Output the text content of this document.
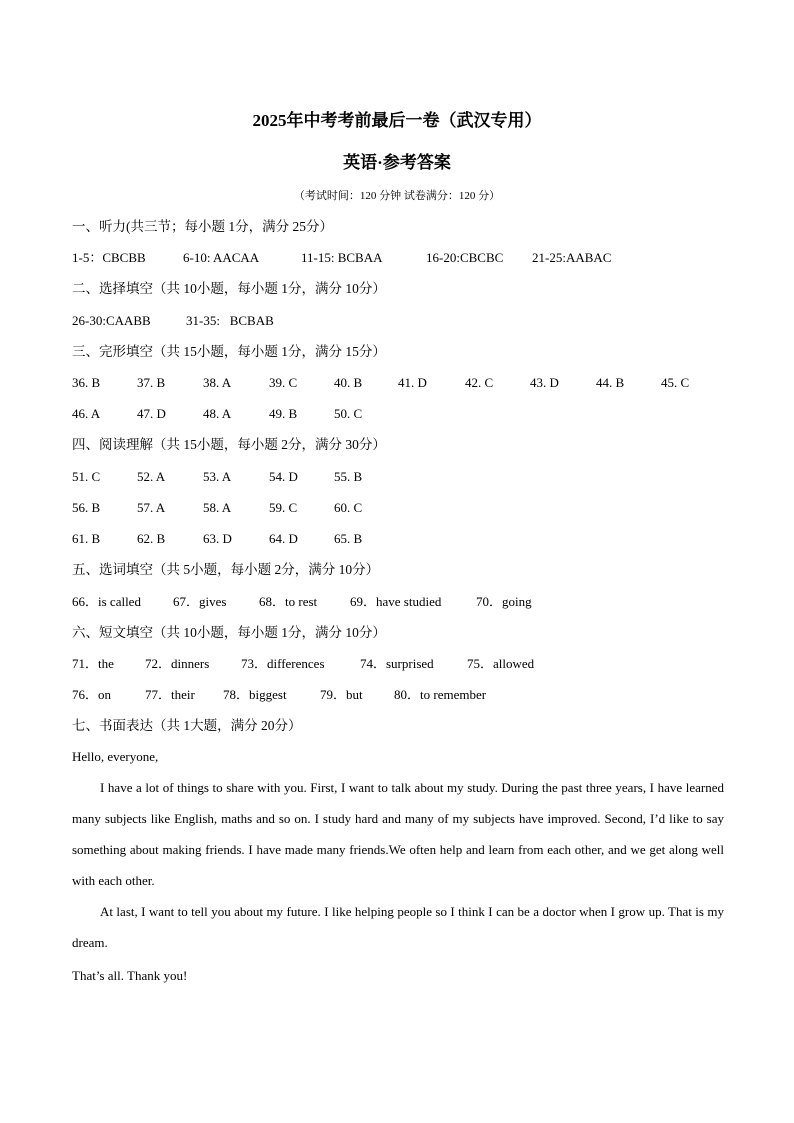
2025年中考考前最后一卷（武汉专用）
英语·参考答案
（考试时间：120 分钟 试卷满分：120 分）
一、听力(共三节；每小题 1分，满分 25分）
1-5：CBCBB	6-10: AACAA	11-15: BCBAA	16-20:CBCBC 21-25:AABAC
二、选择填空（共 10小题，每小题 1分，满分 10分）
26-30:CAABB	31-35:   BCBAB
三、完形填空（共 15小题，每小题 1分，满分 15分）
36. B	37. B	38. A	39. C	40. B	41. D	42. C	43. D	44. B	45. C
46. A	47. D	48. A	49. B	50. C
四、阅读理解（共 15小题，每小题 2分，满分 30分）
51. C	52. A	53. A	54. D	55. B
56. B	57. A	58. A	59. C	60. C
61. B	62. B	63. D	64. D	65. B
五、选词填空（共 5小题，每小题 2分，满分 10分）
66．is called 67．gives	68．to rest	69．have studied	70．going
六、短文填空（共 10小题，每小题 1分，满分 10分）
71．the 72．dinners 73．differences	74．surprised	75．allowed
76．on	77．their 78．biggest	79．but 80．to remember
七、书面表达（共 1大题，满分 20分）
Hello, everyone,
I have a lot of things to share with you. First, I want to talk about my study. During the past three years, I have learned many subjects like English, maths and so on. I study hard and many of my subjects have improved. Second, I’d like to say something about making friends. I have made many friends.We often help and learn from each other, and we get along well with each other.
At last, I want to tell you about my future. I like helping people so I think I can be a doctor when I grow up. That is my dream.
That’s all. Thank you!
